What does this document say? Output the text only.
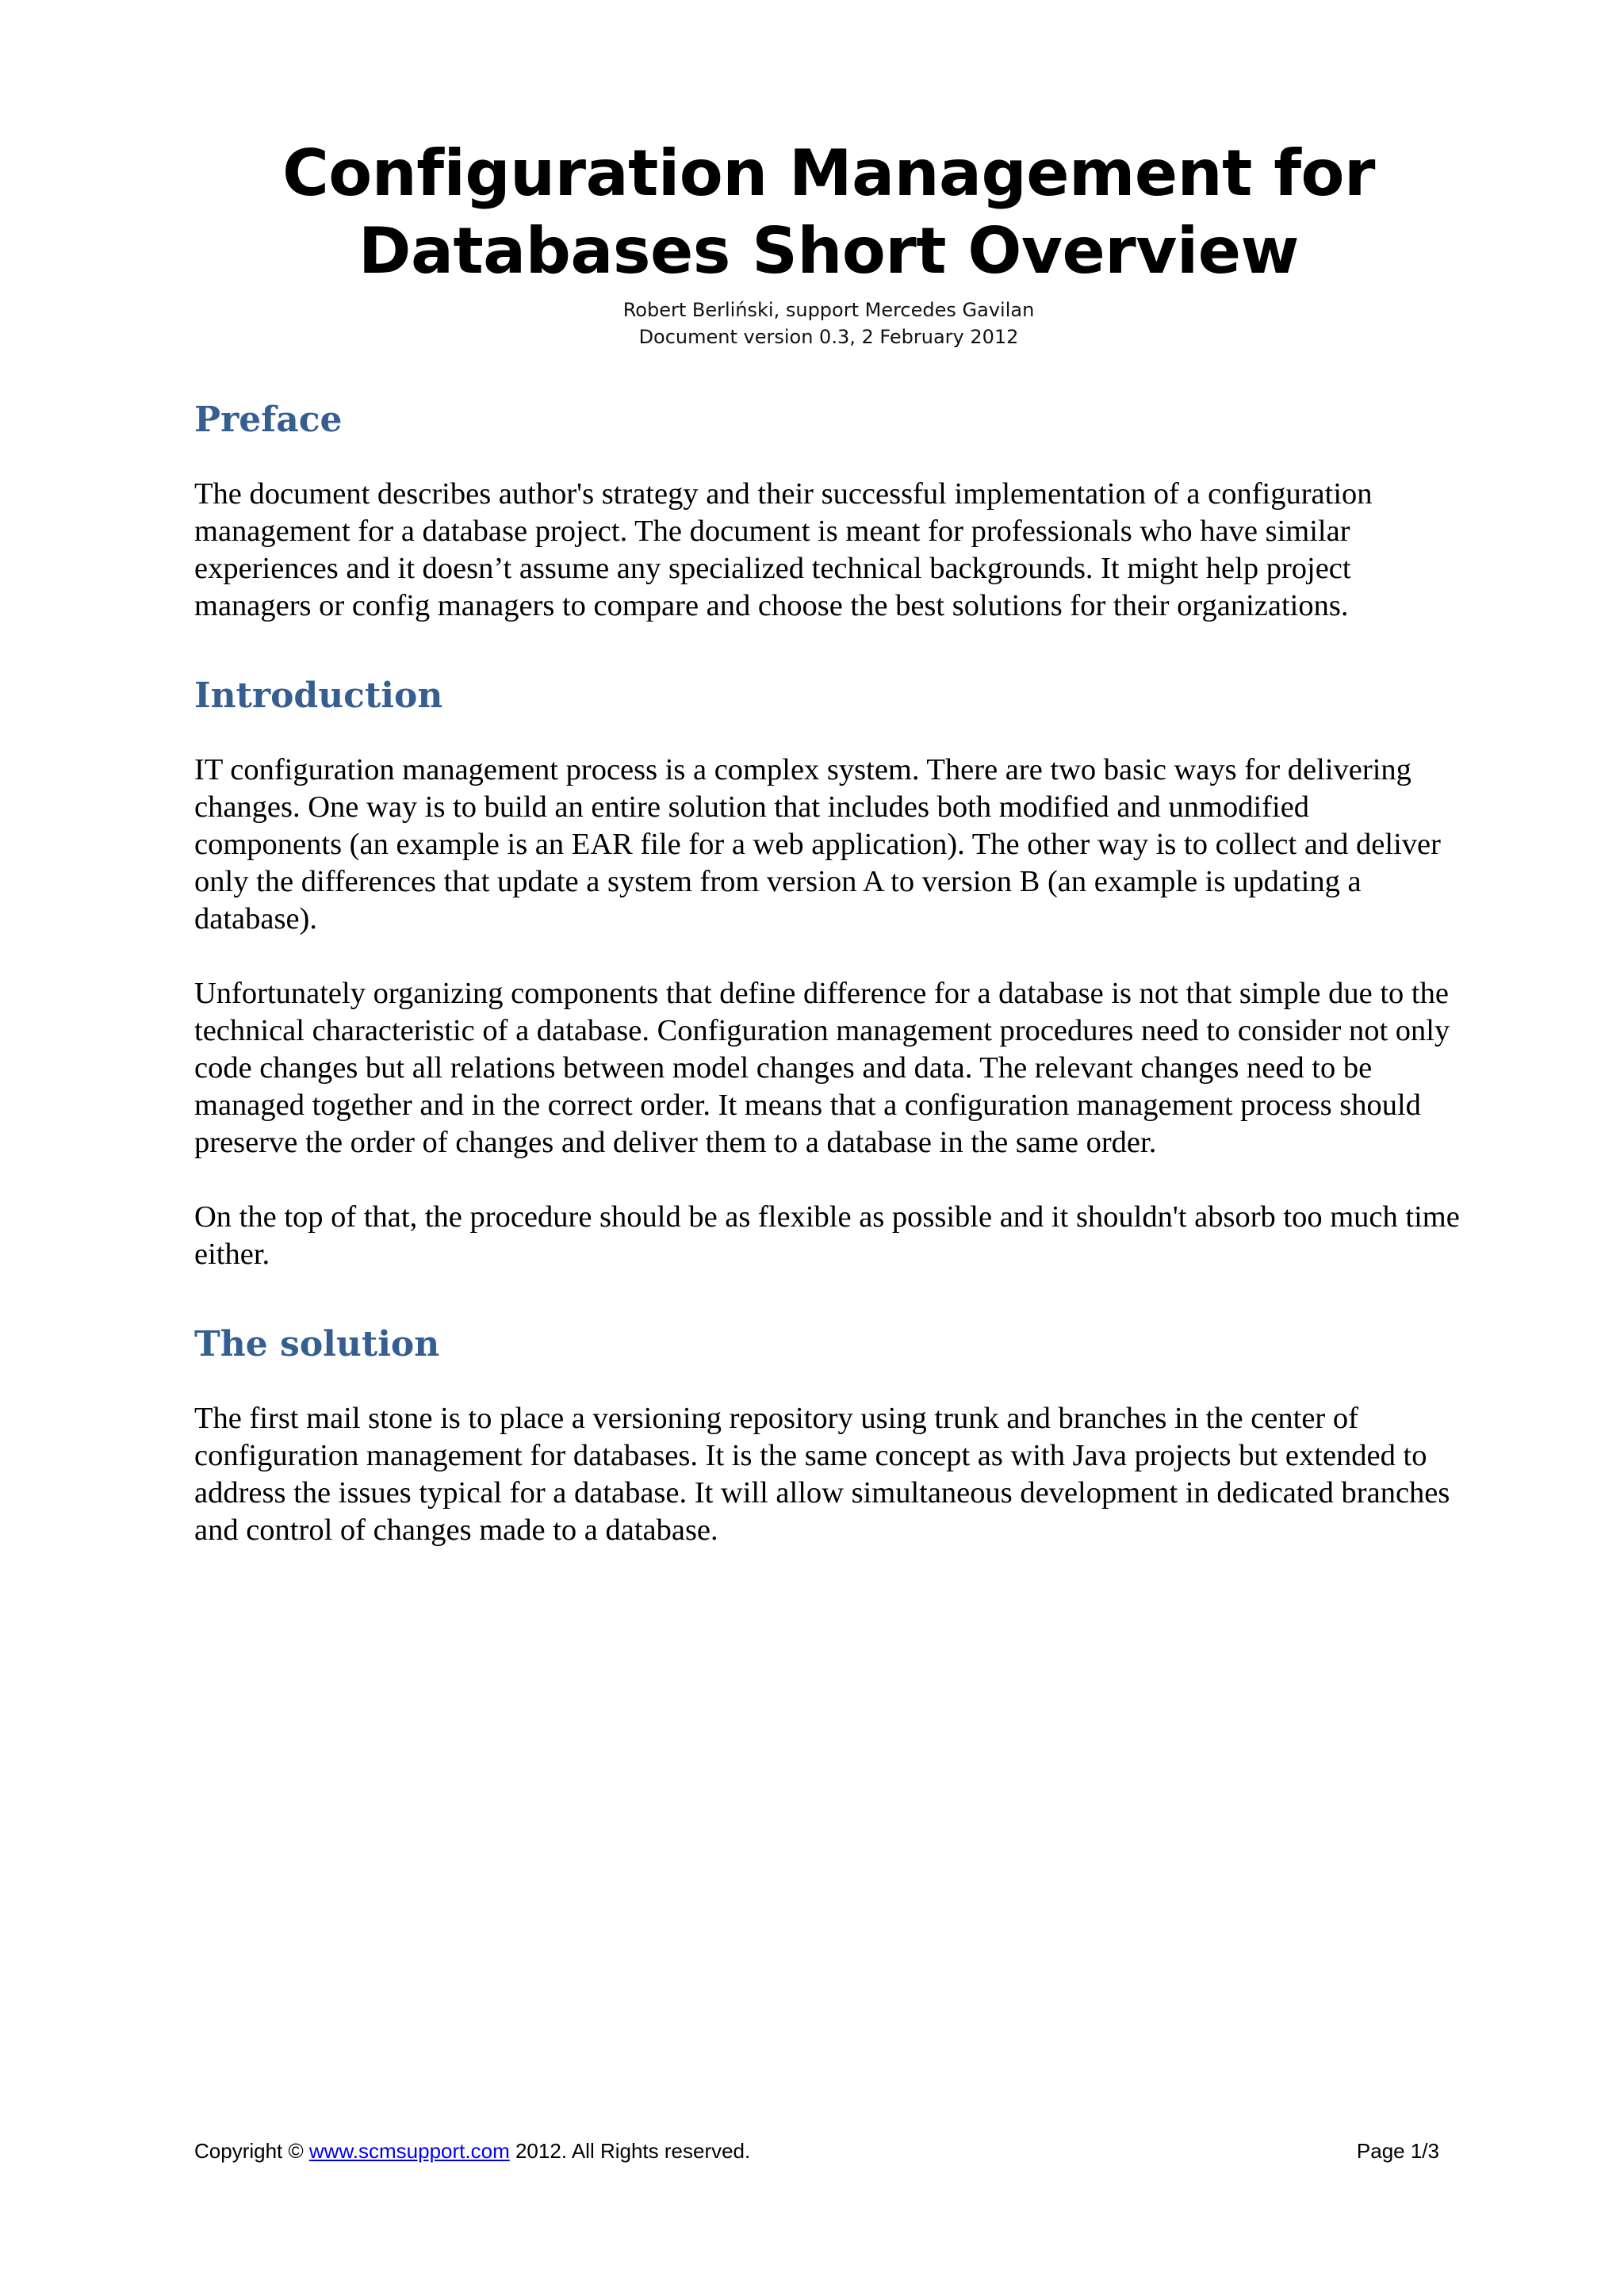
Configuration Management for
Databases Short Overview

Robert Berliński, support Mercedes Gavilan

Document version 0.3, 2 February 2012

Preface

The document describes author's strategy and their successful implementation of a configuration management for a database project. The document is meant for professionals who have similar experiences and it doesn’t assume any specialized technical backgrounds. It might help project managers or config managers to compare and choose the best solutions for their organizations.

Introduction

IT configuration management process is a complex system. There are two basic ways for delivering changes. One way is to build an entire solution that includes both modified and unmodified components (an example is an EAR file for a web application). The other way is to collect and deliver only the differences that update a system from version A to version B (an example is updating a database).

Unfortunately organizing components that define difference for a database is not that simple due to the technical characteristic of a database. Configuration management procedures need to consider not only code changes but all relations between model changes and data. The relevant changes need to be managed together and in the correct order. It means that a configuration management process should preserve the order of changes and deliver them to a database in the same order.

On the top of that, the procedure should be as flexible as possible and it shouldn't absorb too much time either.

The solution

The first mail stone is to place a versioning repository using trunk and branches in the center of configuration management for databases. It is the same concept as with Java projects but extended to address the issues typical for a database. It will allow simultaneous development in dedicated branches and control of changes made to a database.

Copyright © www.scmsupport.com 2012. All Rights reserved.	Page 1/3
